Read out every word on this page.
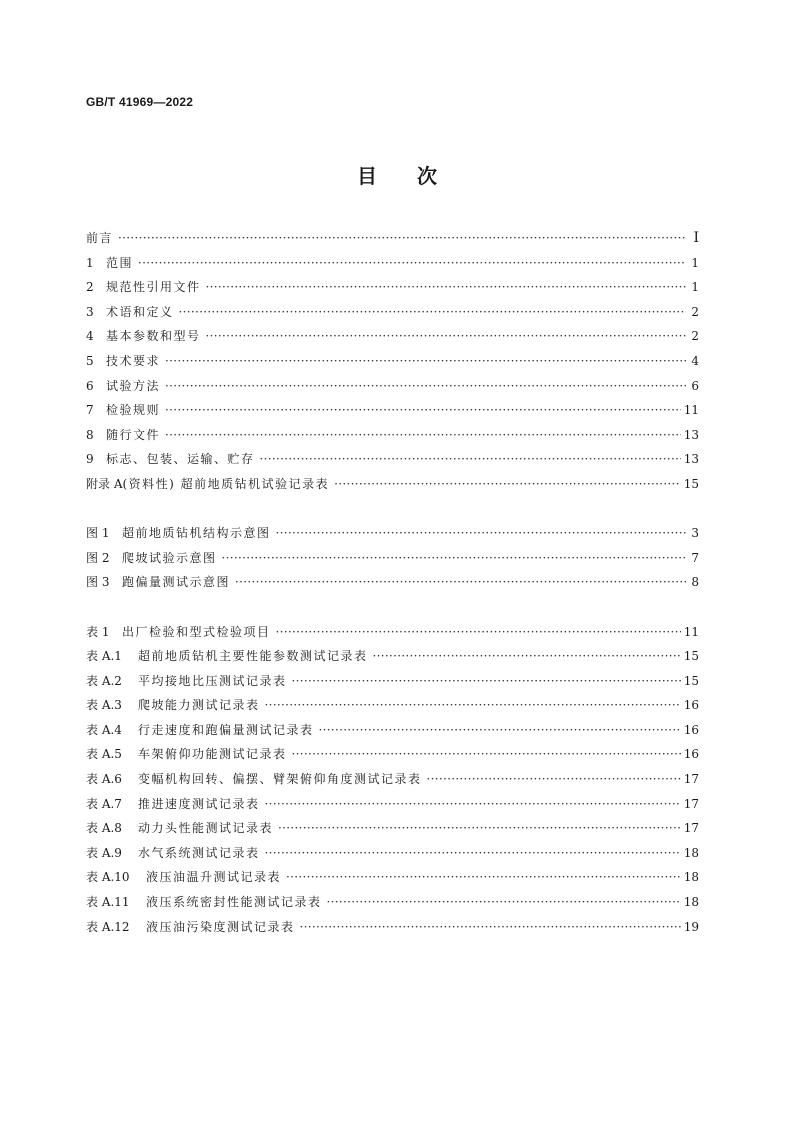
GB/T 41969—2022
目次
前言 ·····	Ⅰ
1	范围 ·····	1
2	规范性引用文件 ·····	1
3	术语和定义 ·····	2
4	基本参数和型号 ·····	2
5	技术要求 ·····	4
6	试验方法 ·····	6
7	检验规则 ·····	11
8	随行文件 ·····	13
9	标志、包装、运输、贮存 ·····	13
附录 A (资料性) 超前地质钻机试验记录表 ·····	15
图 1	超前地质钻机结构示意图 ·····	3
图 2	爬坡试验示意图 ·····	7
图 3	跑偏量测试示意图 ·····	8
表 1	出厂检验和型式检验项目 ·····	11
表 A.1	超前地质钻机主要性能参数测试记录表 ·····	15
表 A.2	平均接地比压测试记录表 ·····	15
表 A.3	爬坡能力测试记录表 ·····	16
表 A.4	行走速度和跑偏量测试记录表 ·····	16
表 A.5	车架俯仰功能测试记录表 ·····	16
表 A.6	变幅机构回转、偏摆、臂架俯仰角度测试记录表 ·····	17
表 A.7	推进速度测试记录表 ·····	17
表 A.8	动力头性能测试记录表 ·····	17
表 A.9	水气系统测试记录表 ·····	18
表 A.10	液压油温升测试记录表 ·····	18
表 A.11	液压系统密封性能测试记录表 ·····	18
表 A.12	液压油污染度测试记录表 ·····	19
